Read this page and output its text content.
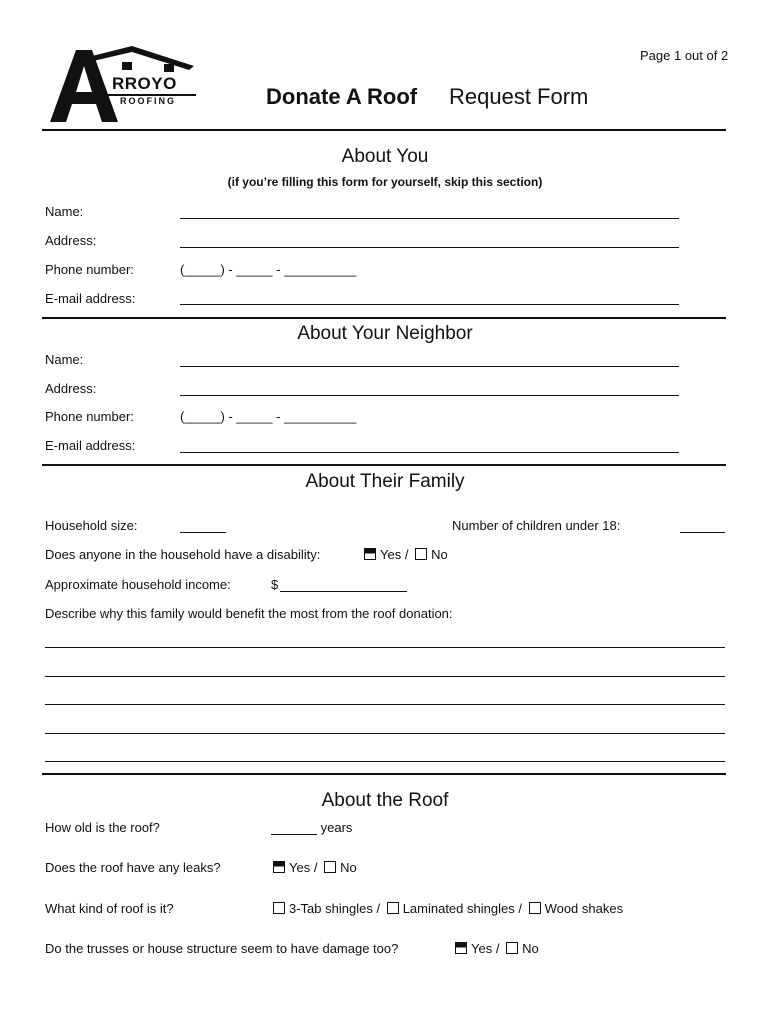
Page 1 out of 2
RROYO
ROOFING	Donate A Roof Request Form
About You
(if you’re filling this form for yourself, skip this section)
Name:
Address:
Phone number:	(_____) - _____ - __________
E-mail address:
About Your Neighbor
Name:
Address:
Phone number:	(_____) - _____ - __________
E-mail address:
About Their Family
Household size:	Number of children under 18:
Does anyone in the household have a disability:	Yes / No
Approximate household income:	$
Describe why this family would benefit the most from the roof donation:
About the Roof
How old is the roof?	years
Does the roof have any leaks?	Yes / No
What kind of roof is it?	3-Tab shingles / Laminated shingles / Wood shakes
Do the trusses or house structure seem to have damage too?	Yes / No
